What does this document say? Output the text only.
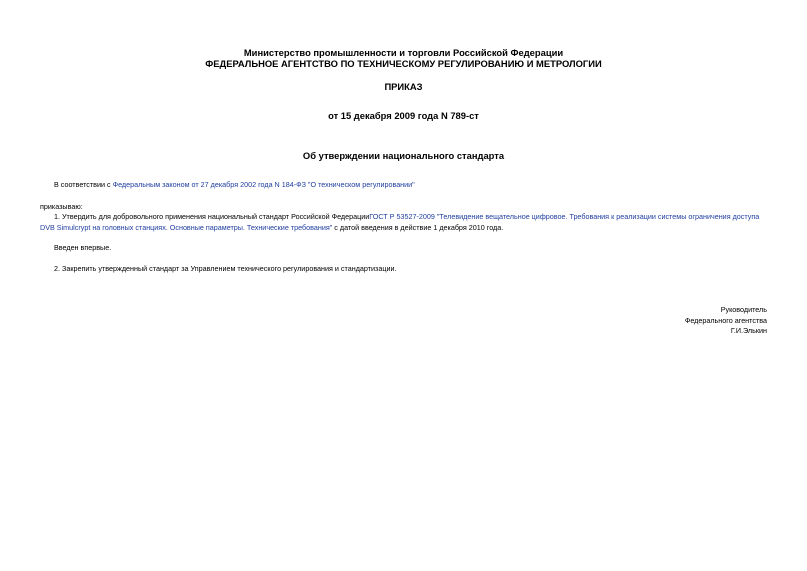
Министерство промышленности и торговли Российской Федерации
ФЕДЕРАЛЬНОЕ АГЕНТСТВО ПО ТЕХНИЧЕСКОМУ РЕГУЛИРОВАНИЮ И МЕТРОЛОГИИ
ПРИКАЗ
от 15 декабря 2009 года N 789-ст
Об утверждении национального стандарта
В соответствии с Федеральным законом от 27 декабря 2002 года N 184-ФЗ "О техническом регулировании"
приказываю:
1. Утвердить для добровольного применения национальный стандарт Российской ФедерацииГОСТ Р 53527-2009 "Телевидение вещательное цифровое. Требования к реализации системы ограничения доступа
DVB Simulcrypt на головных станциях. Основные параметры. Технические требования" с датой введения в действие 1 декабря 2010 года.
Введен впервые.
2. Закрепить утвержденный стандарт за Управлением технического регулирования и стандартизации.
Руководитель
Федерального агентства
Г.И.Элькин
